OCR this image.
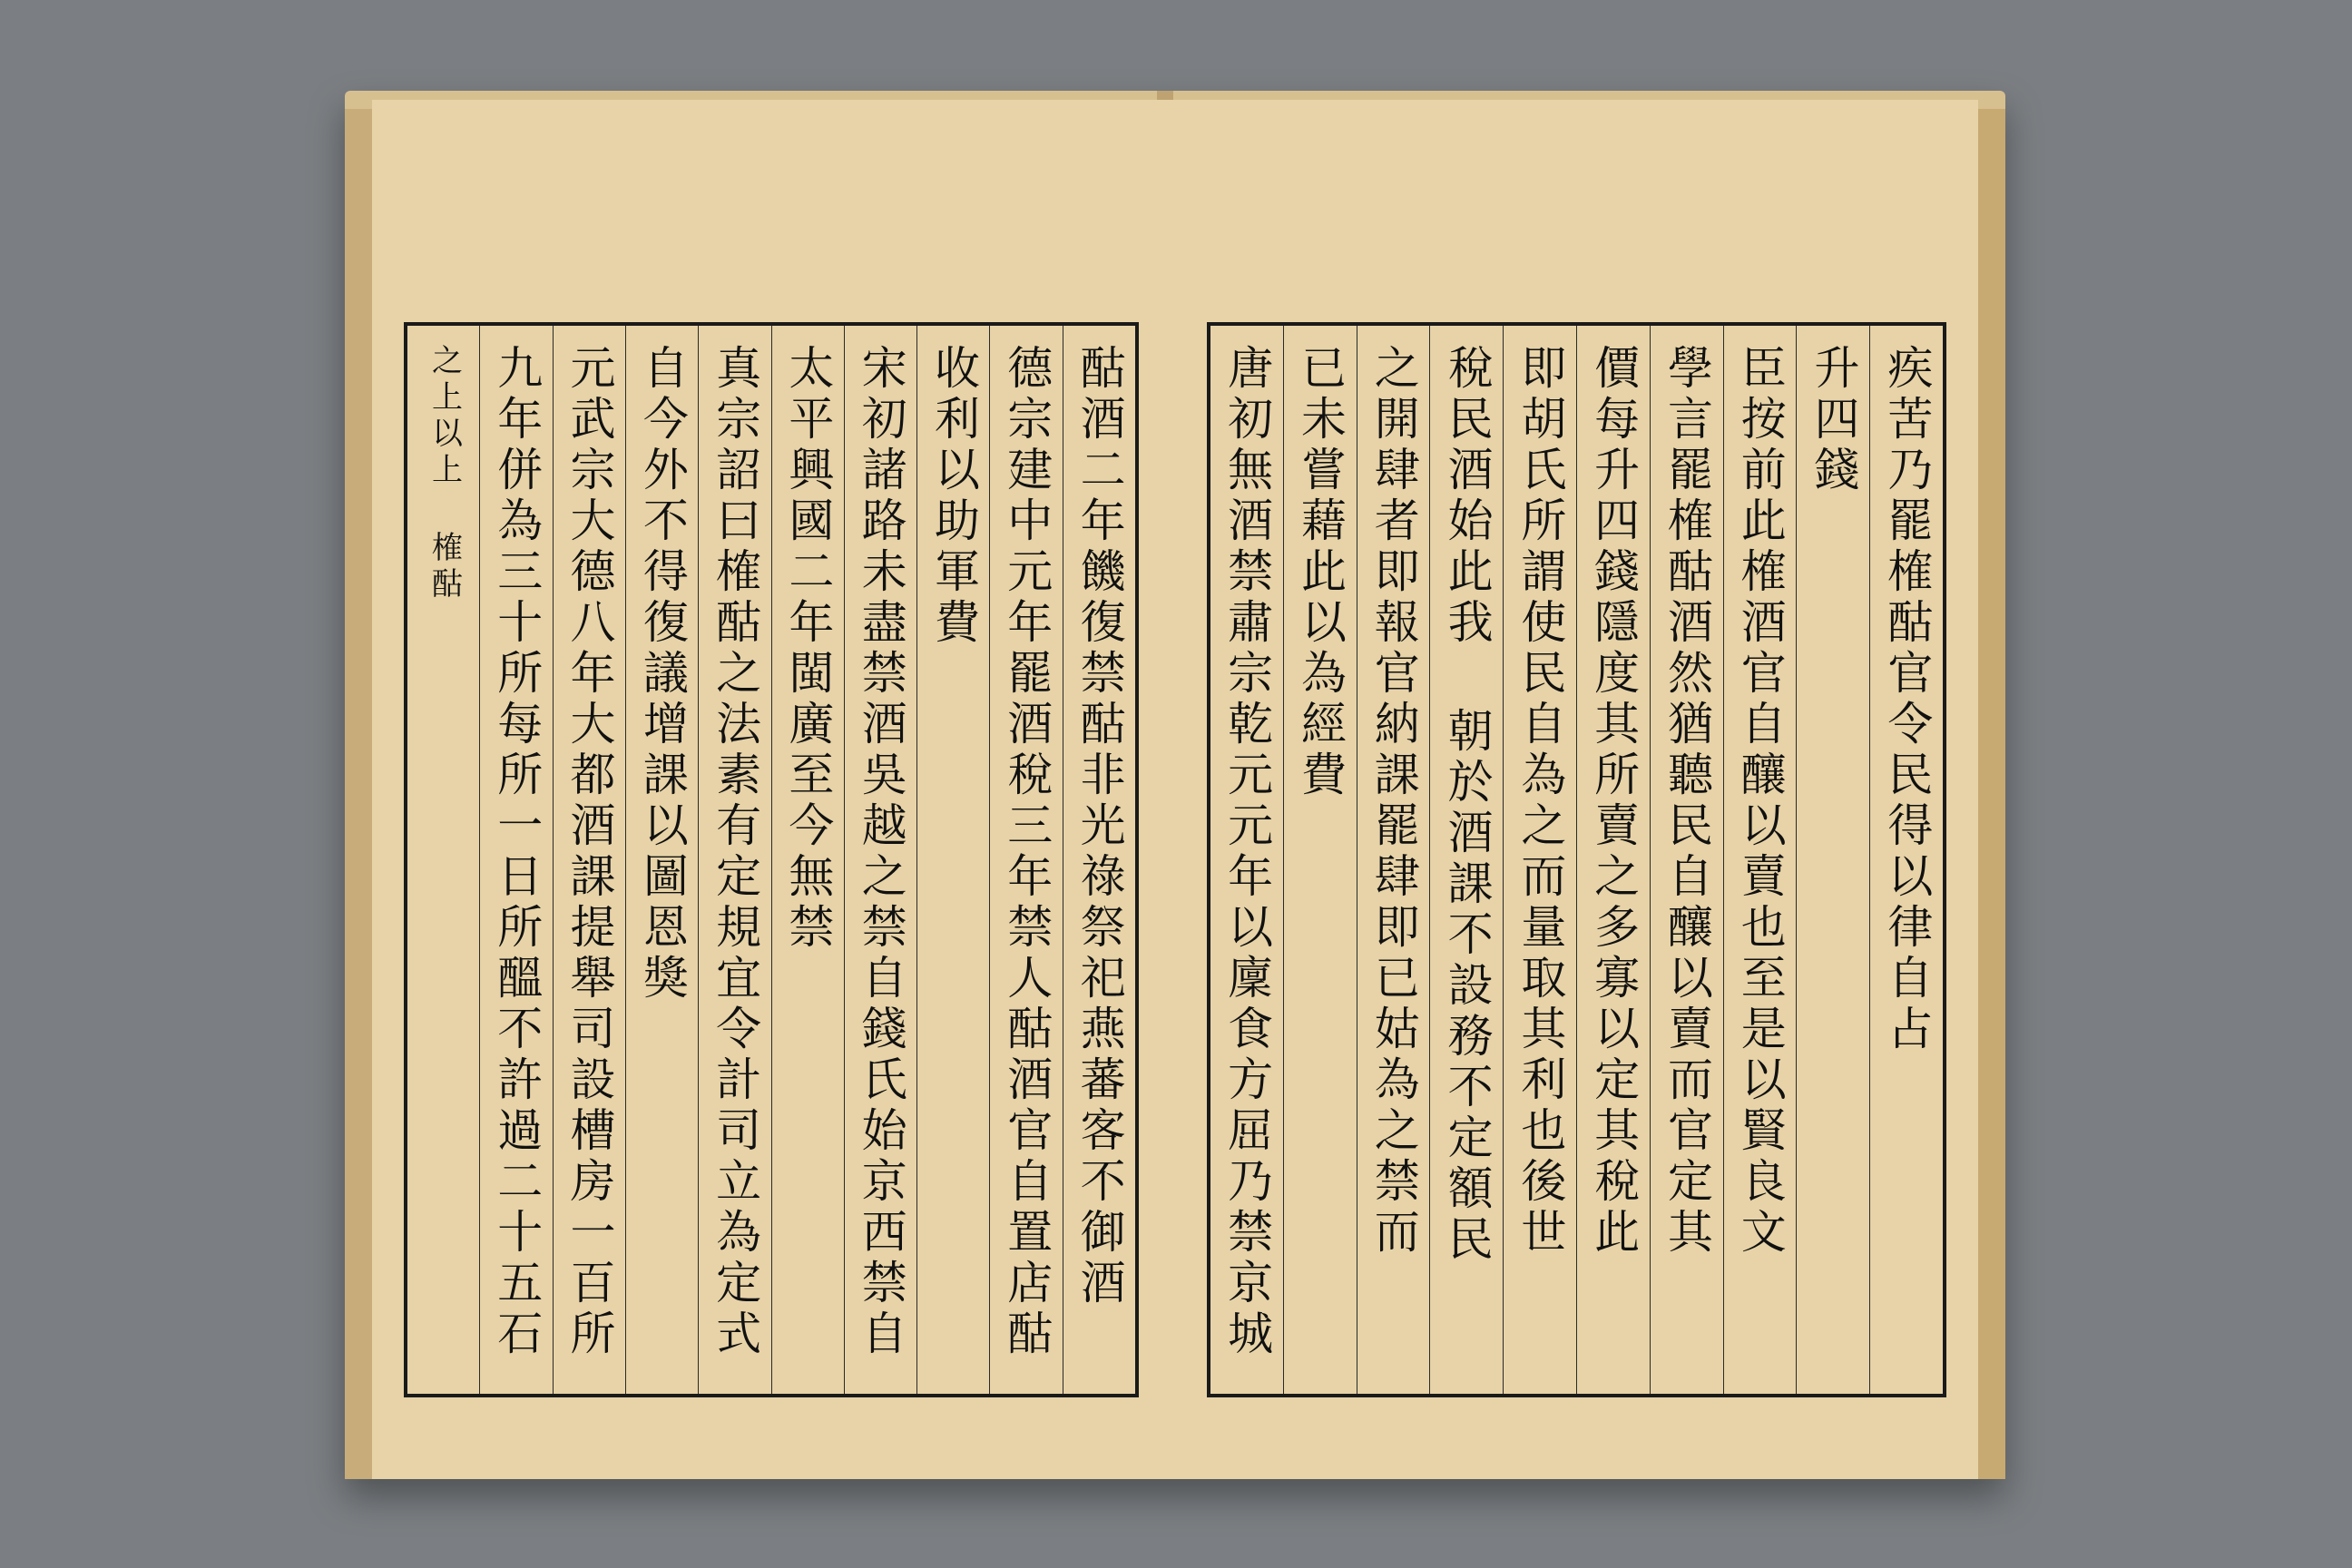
酤酒二年饑復禁酤非光祿祭祀燕蕃客不御酒
德宗建中元年罷酒稅三年禁人酤酒官自置店酤
收利以助軍費
宋初諸路未盡禁酒吳越之禁自錢氏始京西禁自
太平興國二年閩廣至今無禁
真宗詔曰榷酤之法素有定規宜令計司立為定式
自今外不得復議增課以圖恩獎
元武宗大德八年大都酒課提舉司設槽房一百所
九年併為三十所每所一日所醞不許過二十五石
之上以上 榷酤	疾苦乃罷榷酤官令民得以律自占
升四錢
臣按前此榷酒官自釀以賣也至是以賢良文
學言罷榷酤酒然猶聽民自釀以賣而官定其
價每升四錢隱度其所賣之多寡以定其稅此
即胡氏所謂使民自為之而量取其利也後世
稅民酒始此我 朝於酒課不設務不定額民
之開肆者即報官納課罷肆即已姑為之禁而
已未嘗藉此以為經費
唐初無酒禁肅宗乾元元年以廩食方屈乃禁京城
